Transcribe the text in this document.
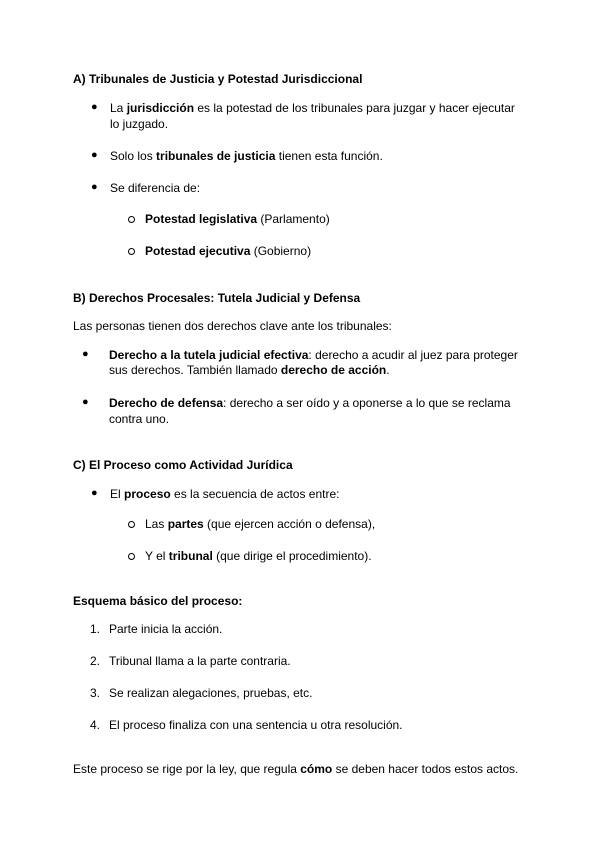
A) Tribunales de Justicia y Potestad Jurisdiccional
● La jurisdicción es la potestad de los tribunales para juzgar y hacer ejecutar
lo juzgado.
● Solo los tribunales de justicia tienen esta función.
● Se diferencia de:
Potestad legislativa (Parlamento)
Potestad ejecutiva (Gobierno)
B) Derechos Procesales: Tutela Judicial y Defensa
Las personas tienen dos derechos clave ante los tribunales:
● Derecho a la tutela judicial efectiva: derecho a acudir al juez para proteger
sus derechos. También llamado derecho de acción.
● Derecho de defensa: derecho a ser oído y a oponerse a lo que se reclama
contra uno.
C) El Proceso como Actividad Jurídica
● El proceso es la secuencia de actos entre:
Las partes (que ejercen acción o defensa),
Y el tribunal (que dirige el procedimiento).
Esquema básico del proceso:
1. Parte inicia la acción.
2. Tribunal llama a la parte contraria.
3. Se realizan alegaciones, pruebas, etc.
4. El proceso finaliza con una sentencia u otra resolución.
Este proceso se rige por la ley, que regula cómo se deben hacer todos estos actos.
